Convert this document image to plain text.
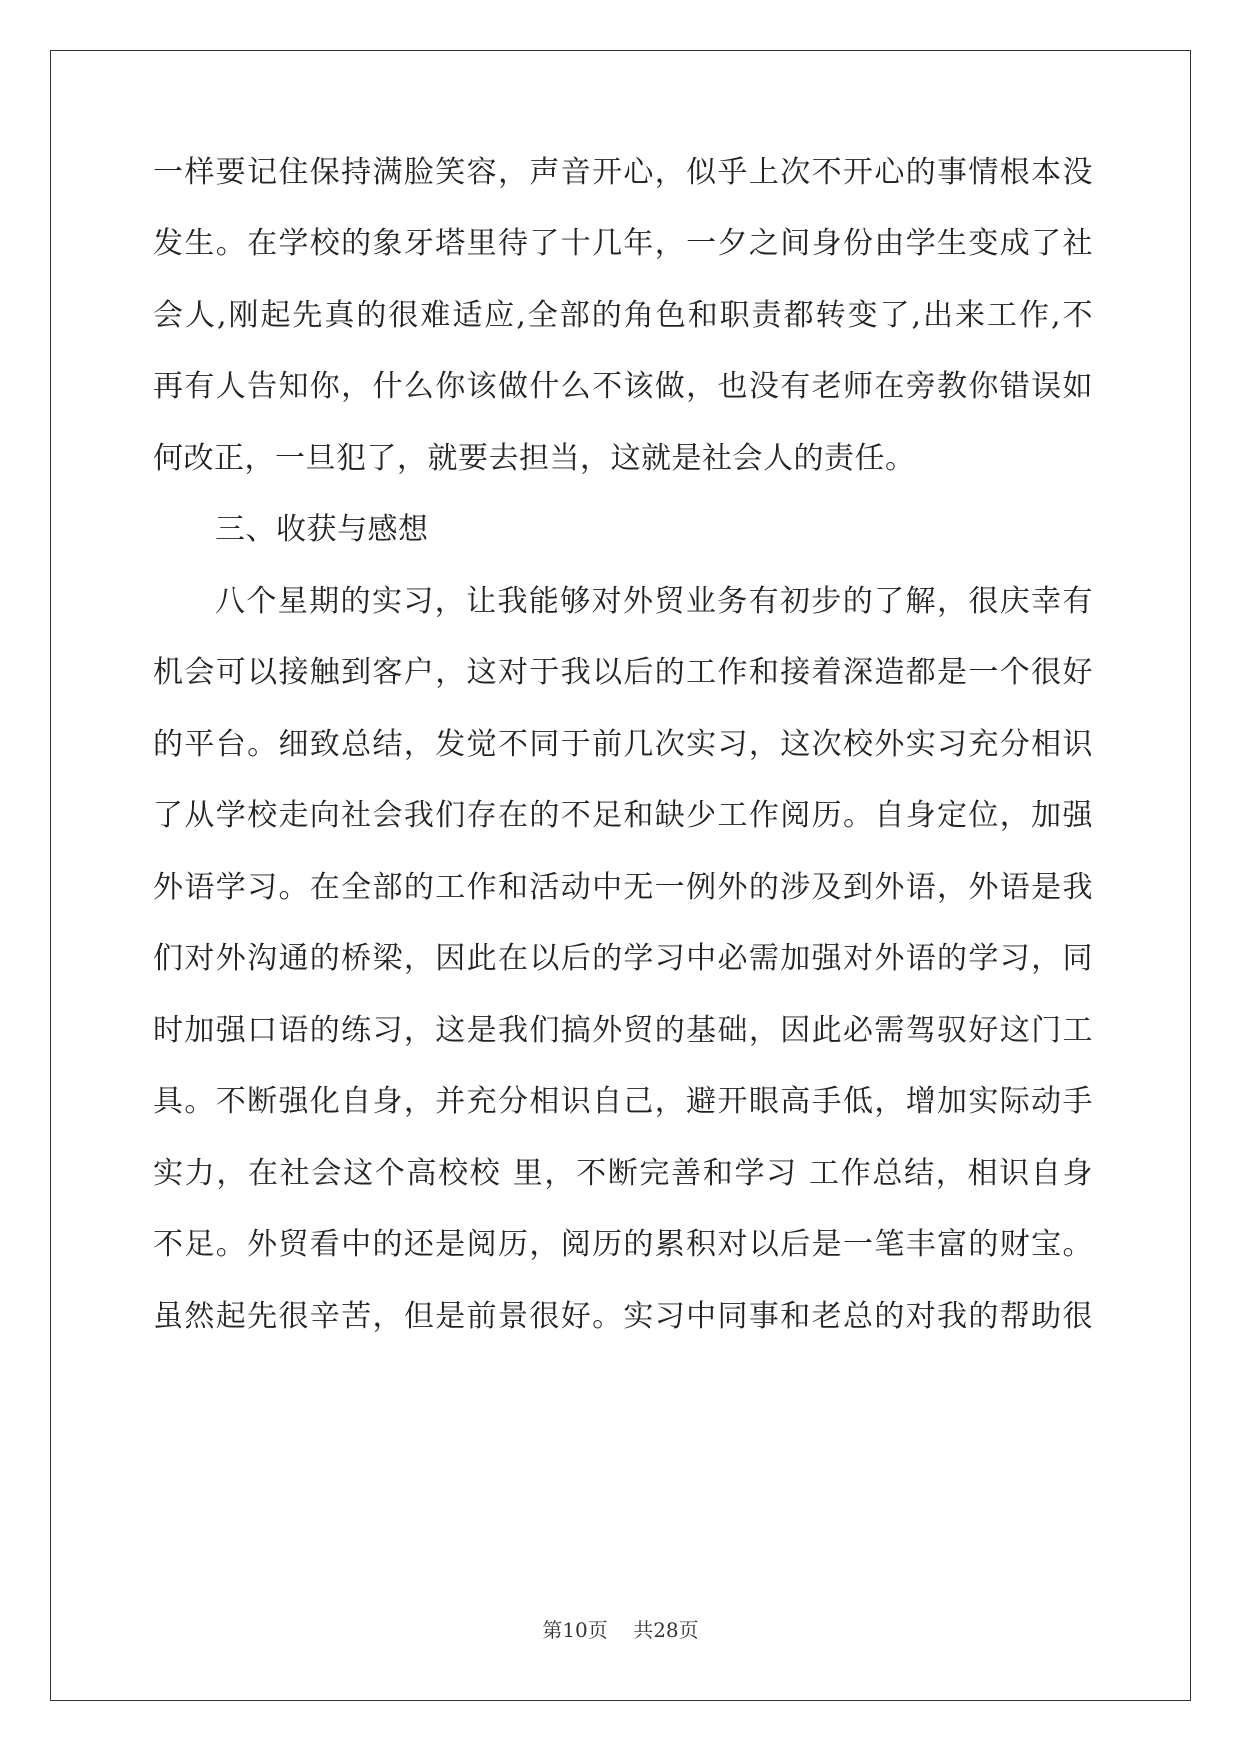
一样要记住保持满脸笑容，声音开心，似乎上次不开心的事情根本没
发生。在学校的象牙塔里待了十几年，一夕之间身份由学生变成了社
会人,刚起先真的很难适应,全部的角色和职责都转变了,出来工作,不
再有人告知你，什么你该做什么不该做，也没有老师在旁教你错误如
何改正，一旦犯了，就要去担当，这就是社会人的责任。
三、收获与感想
八个星期的实习，让我能够对外贸业务有初步的了解，很庆幸有
机会可以接触到客户，这对于我以后的工作和接着深造都是一个很好
的平台。细致总结，发觉不同于前几次实习，这次校外实习充分相识
了从学校走向社会我们存在的不足和缺少工作阅历。自身定位，加强
外语学习。在全部的工作和活动中无一例外的涉及到外语，外语是我
们对外沟通的桥梁，因此在以后的学习中必需加强对外语的学习，同
时加强口语的练习，这是我们搞外贸的基础，因此必需驾驭好这门工
具。不断强化自身，并充分相识自己，避开眼高手低，增加实际动手
实力，在社会这个高校校 里，不断完善和学习 工作总结，相识自身
不足。外贸看中的还是阅历，阅历的累积对以后是一笔丰富的财宝。
虽然起先很辛苦，但是前景很好。实习中同事和老总的对我的帮助很
第10页    共28页
